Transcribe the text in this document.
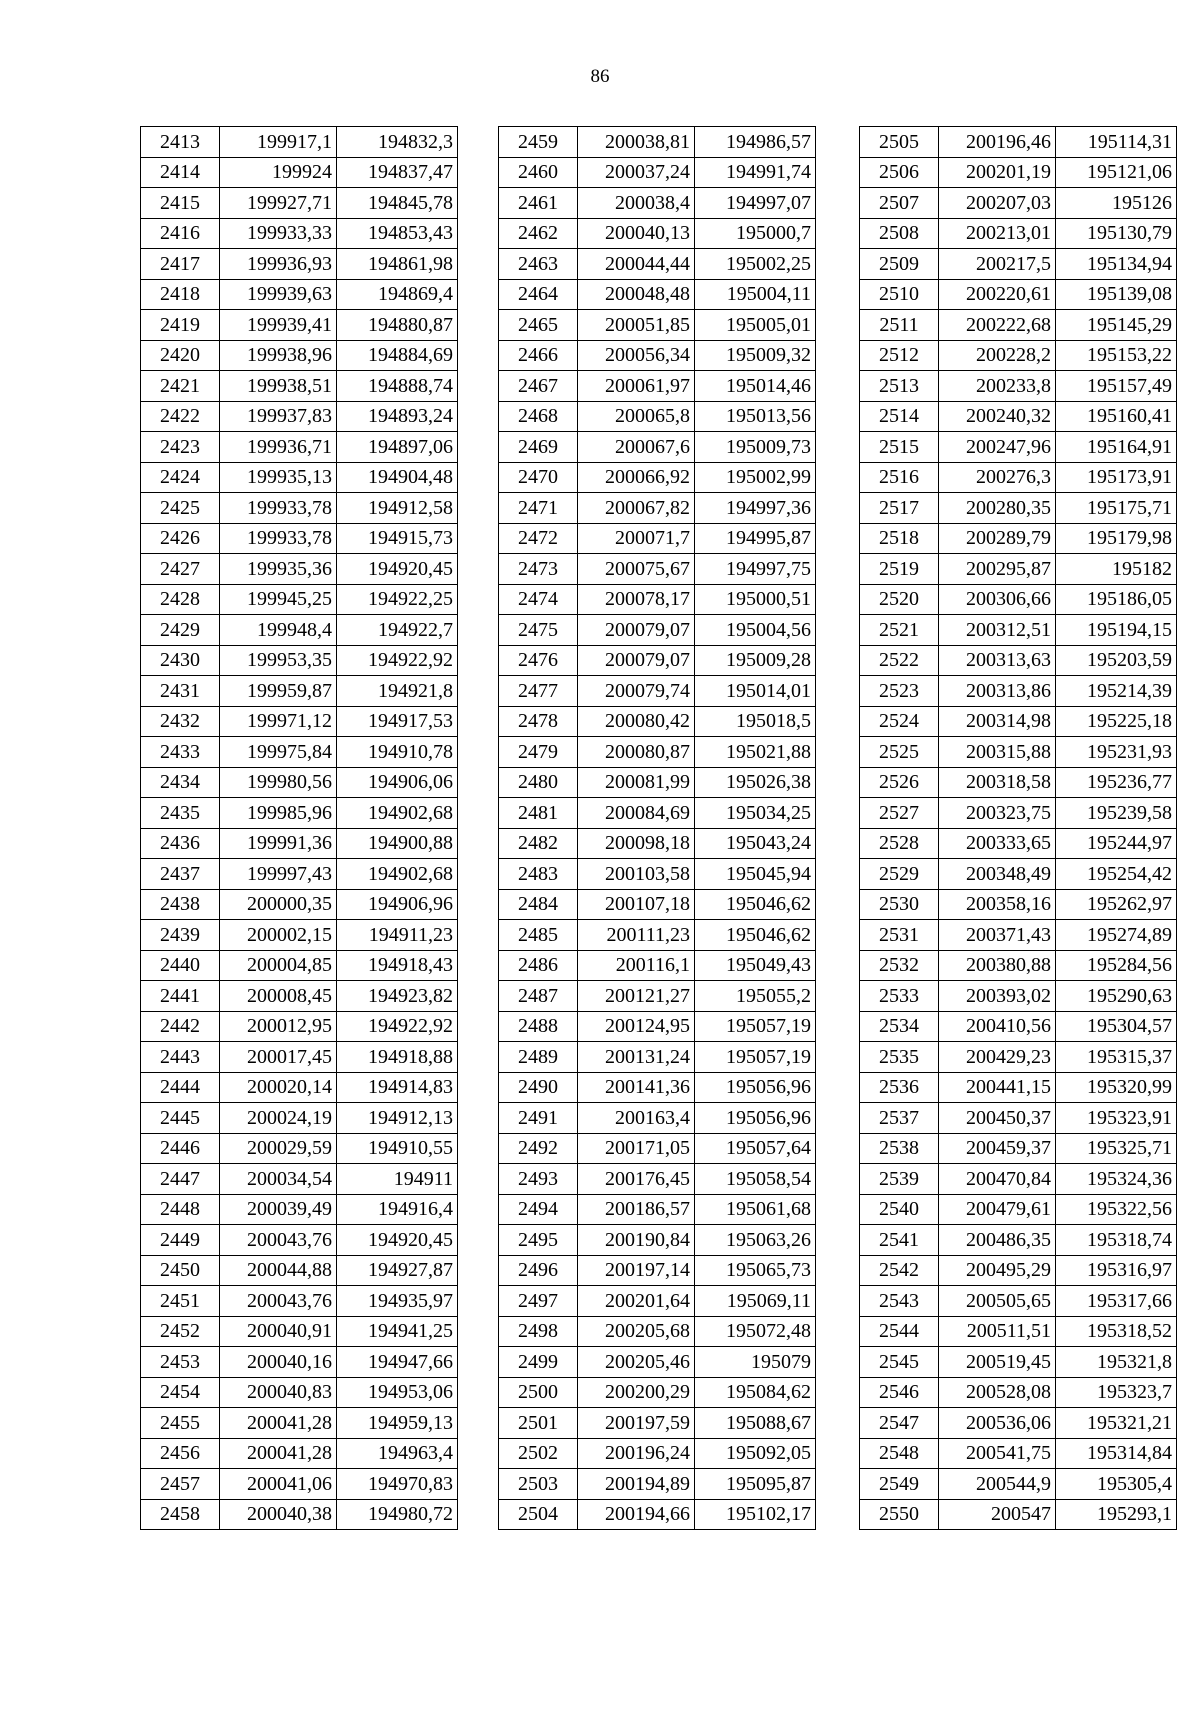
86
2413	199917,1	194832,3
2414	199924	194837,47
2415	199927,71	194845,78
2416	199933,33	194853,43
2417	199936,93	194861,98
2418	199939,63	194869,4
2419	199939,41	194880,87
2420	199938,96	194884,69
2421	199938,51	194888,74
2422	199937,83	194893,24
2423	199936,71	194897,06
2424	199935,13	194904,48
2425	199933,78	194912,58
2426	199933,78	194915,73
2427	199935,36	194920,45
2428	199945,25	194922,25
2429	199948,4	194922,7
2430	199953,35	194922,92
2431	199959,87	194921,8
2432	199971,12	194917,53
2433	199975,84	194910,78
2434	199980,56	194906,06
2435	199985,96	194902,68
2436	199991,36	194900,88
2437	199997,43	194902,68
2438	200000,35	194906,96
2439	200002,15	194911,23
2440	200004,85	194918,43
2441	200008,45	194923,82
2442	200012,95	194922,92
2443	200017,45	194918,88
2444	200020,14	194914,83
2445	200024,19	194912,13
2446	200029,59	194910,55
2447	200034,54	194911
2448	200039,49	194916,4
2449	200043,76	194920,45
2450	200044,88	194927,87
2451	200043,76	194935,97
2452	200040,91	194941,25
2453	200040,16	194947,66
2454	200040,83	194953,06
2455	200041,28	194959,13
2456	200041,28	194963,4
2457	200041,06	194970,83
2458	200040,38	194980,72
2459	200038,81	194986,57
2460	200037,24	194991,74
2461	200038,4	194997,07
2462	200040,13	195000,7
2463	200044,44	195002,25
2464	200048,48	195004,11
2465	200051,85	195005,01
2466	200056,34	195009,32
2467	200061,97	195014,46
2468	200065,8	195013,56
2469	200067,6	195009,73
2470	200066,92	195002,99
2471	200067,82	194997,36
2472	200071,7	194995,87
2473	200075,67	194997,75
2474	200078,17	195000,51
2475	200079,07	195004,56
2476	200079,07	195009,28
2477	200079,74	195014,01
2478	200080,42	195018,5
2479	200080,87	195021,88
2480	200081,99	195026,38
2481	200084,69	195034,25
2482	200098,18	195043,24
2483	200103,58	195045,94
2484	200107,18	195046,62
2485	200111,23	195046,62
2486	200116,1	195049,43
2487	200121,27	195055,2
2488	200124,95	195057,19
2489	200131,24	195057,19
2490	200141,36	195056,96
2491	200163,4	195056,96
2492	200171,05	195057,64
2493	200176,45	195058,54
2494	200186,57	195061,68
2495	200190,84	195063,26
2496	200197,14	195065,73
2497	200201,64	195069,11
2498	200205,68	195072,48
2499	200205,46	195079
2500	200200,29	195084,62
2501	200197,59	195088,67
2502	200196,24	195092,05
2503	200194,89	195095,87
2504	200194,66	195102,17
2505	200196,46	195114,31
2506	200201,19	195121,06
2507	200207,03	195126
2508	200213,01	195130,79
2509	200217,5	195134,94
2510	200220,61	195139,08
2511	200222,68	195145,29
2512	200228,2	195153,22
2513	200233,8	195157,49
2514	200240,32	195160,41
2515	200247,96	195164,91
2516	200276,3	195173,91
2517	200280,35	195175,71
2518	200289,79	195179,98
2519	200295,87	195182
2520	200306,66	195186,05
2521	200312,51	195194,15
2522	200313,63	195203,59
2523	200313,86	195214,39
2524	200314,98	195225,18
2525	200315,88	195231,93
2526	200318,58	195236,77
2527	200323,75	195239,58
2528	200333,65	195244,97
2529	200348,49	195254,42
2530	200358,16	195262,97
2531	200371,43	195274,89
2532	200380,88	195284,56
2533	200393,02	195290,63
2534	200410,56	195304,57
2535	200429,23	195315,37
2536	200441,15	195320,99
2537	200450,37	195323,91
2538	200459,37	195325,71
2539	200470,84	195324,36
2540	200479,61	195322,56
2541	200486,35	195318,74
2542	200495,29	195316,97
2543	200505,65	195317,66
2544	200511,51	195318,52
2545	200519,45	195321,8
2546	200528,08	195323,7
2547	200536,06	195321,21
2548	200541,75	195314,84
2549	200544,9	195305,4
2550	200547	195293,1
